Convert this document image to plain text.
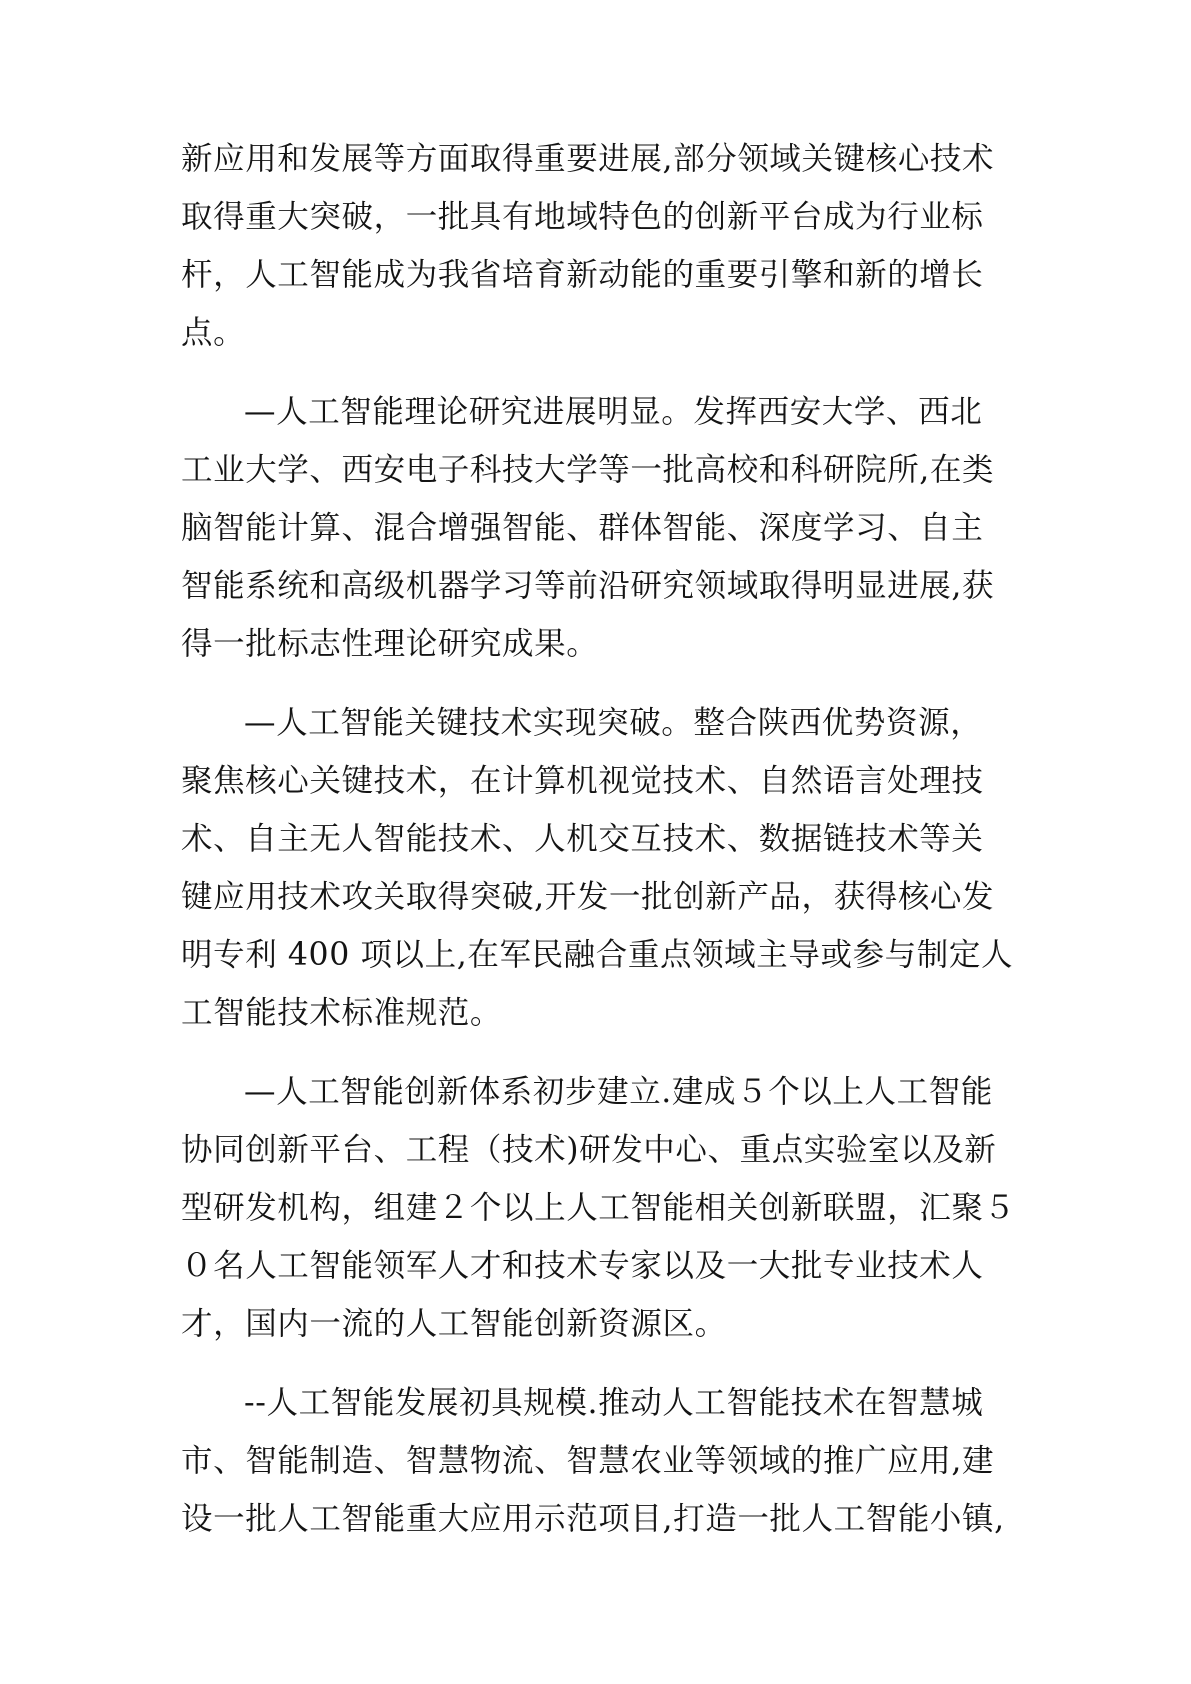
新应用和发展等方面取得重要进展,部分领域关键核心技术
取得重大突破，一批具有地域特色的创新平台成为行业标
杆，人工智能成为我省培育新动能的重要引擎和新的增长
点。
—人工智能理论研究进展明显。发挥西安大学、西北
工业大学、西安电子科技大学等一批高校和科研院所,在类
脑智能计算、混合增强智能、群体智能、深度学习、自主
智能系统和高级机器学习等前沿研究领域取得明显进展,获
得一批标志性理论研究成果。
—人工智能关键技术实现突破。整合陕西优势资源，
聚焦核心关键技术，在计算机视觉技术、自然语言处理技
术、自主无人智能技术、人机交互技术、数据链技术等关
键应用技术攻关取得突破,开发一批创新产品，获得核心发
明专利 400 项以上,在军民融合重点领域主导或参与制定人
工智能技术标准规范。
—人工智能创新体系初步建立.建成５个以上人工智能
协同创新平台、工程（技术)研发中心、重点实验室以及新
型研发机构，组建２个以上人工智能相关创新联盟，汇聚５
０名人工智能领军人才和技术专家以及一大批专业技术人
才，国内一流的人工智能创新资源区。
--人工智能发展初具规模.推动人工智能技术在智慧城
市、智能制造、智慧物流、智慧农业等领域的推广应用,建
设一批人工智能重大应用示范项目,打造一批人工智能小镇,
